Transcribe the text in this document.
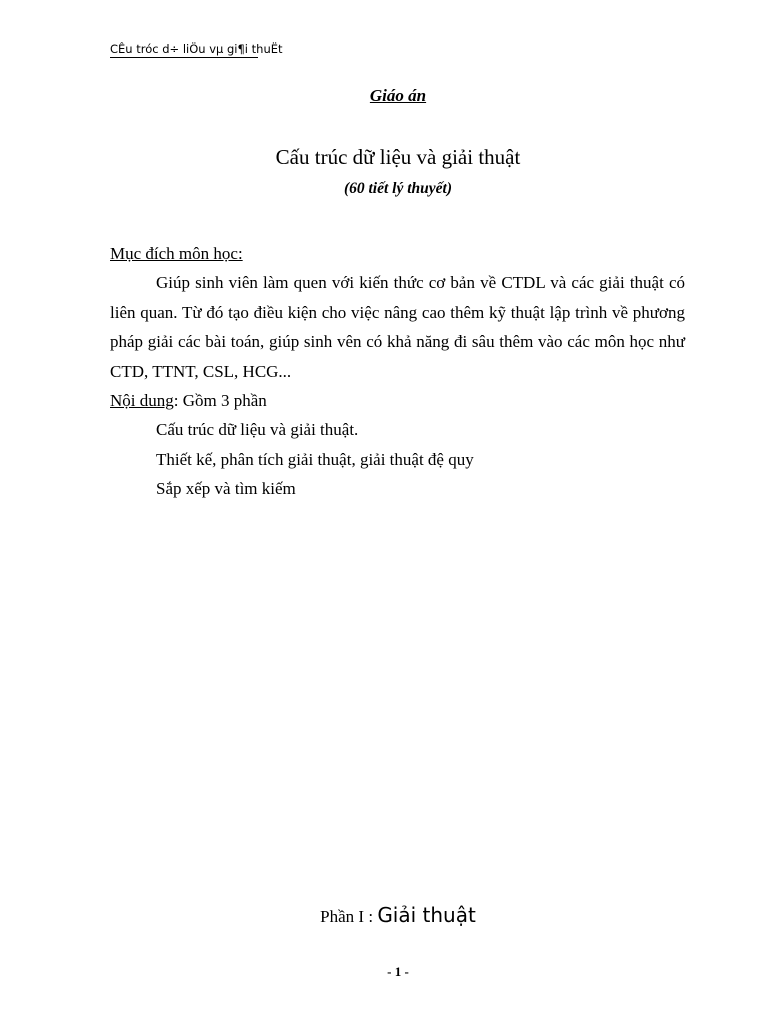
CÊu tróc d÷ liÖu vµ gi¶i thuËt
Giáo án
Cấu trúc dữ liệu và giải thuật
(60 tiết lý thuyết)
Mục đích môn học:
Giúp sinh viên làm quen với kiến thức cơ bản về CTDL và các giải thuật có liên quan. Từ đó tạo điều kiện cho việc nâng cao thêm kỹ thuật lập trình về phương pháp giải các bài toán, giúp sinh vên có khả năng đi sâu thêm vào các môn học như CTD, TTNT, CSL, HCG...
Nội dung: Gồm 3 phần
Cấu trúc dữ liệu và giải thuật.
Thiết kế, phân tích giải thuật, giải thuật đệ quy
Sắp xếp và tìm kiếm
Phần I : Giải thuật
- 1 -
